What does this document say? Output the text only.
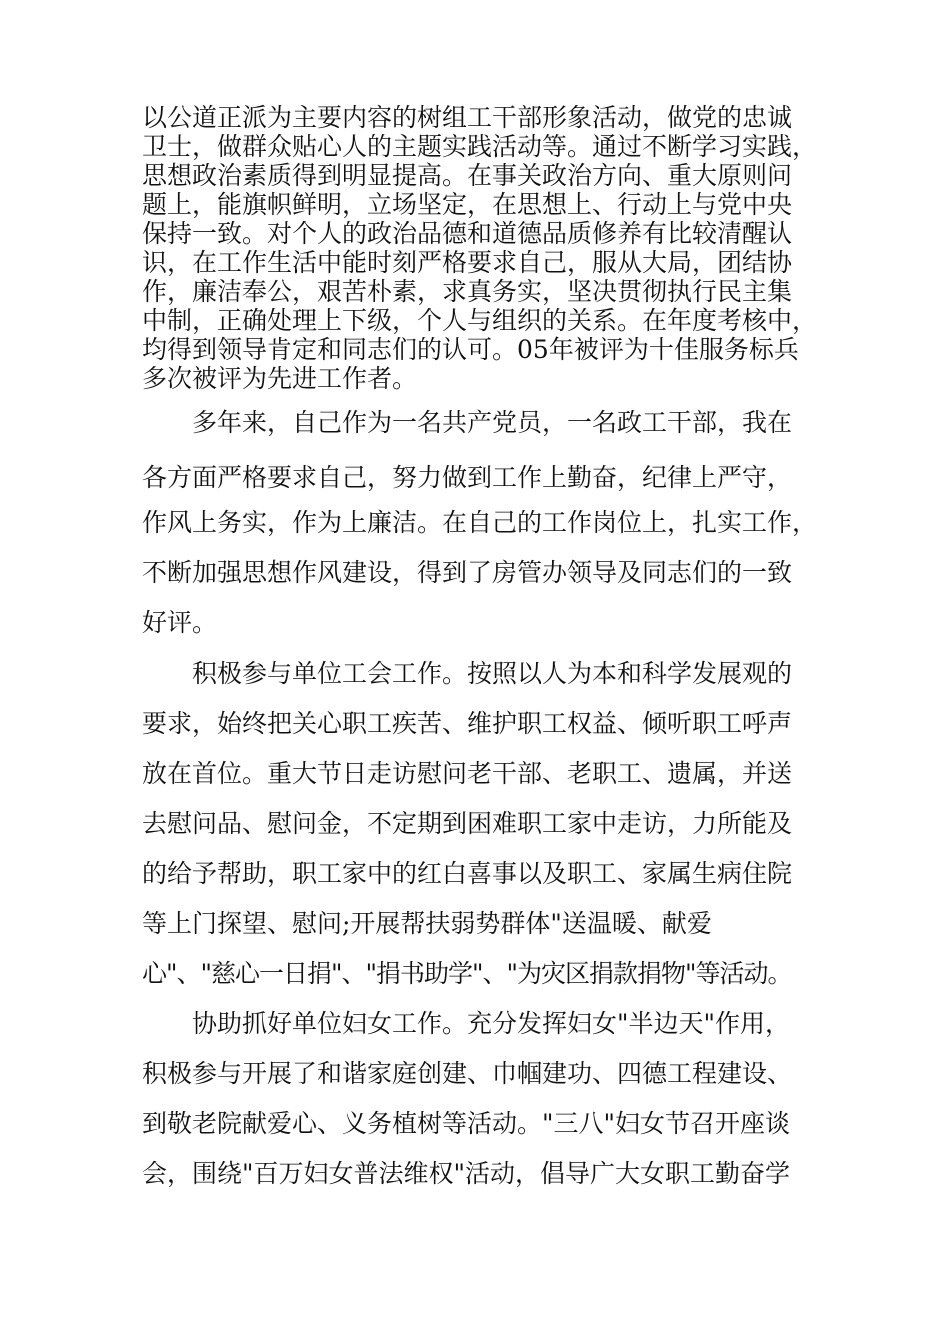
以公道正派为主要内容的树组工干部形象活动，做党的忠诚
卫士，做群众贴心人的主题实践活动等。通过不断学习实践，
思想政治素质得到明显提高。在事关政治方向、重大原则问
题上，能旗帜鲜明，立场坚定，在思想上、行动上与党中央
保持一致。对个人的政治品德和道德品质修养有比较清醒认
识，在工作生活中能时刻严格要求自己，服从大局，团结协
作，廉洁奉公，艰苦朴素，求真务实，坚决贯彻执行民主集
中制，正确处理上下级，个人与组织的关系。在年度考核中，
均得到领导肯定和同志们的认可。05年被评为十佳服务标兵
多次被评为先进工作者。
多年来，自己作为一名共产党员，一名政工干部，我在
各方面严格要求自己，努力做到工作上勤奋，纪律上严守，
作风上务实，作为上廉洁。在自己的工作岗位上，扎实工作，
不断加强思想作风建设，得到了房管办领导及同志们的一致
好评。
积极参与单位工会工作。按照以人为本和科学发展观的
要求，始终把关心职工疾苦、维护职工权益、倾听职工呼声
放在首位。重大节日走访慰问老干部、老职工、遗属，并送
去慰问品、慰问金，不定期到困难职工家中走访，力所能及
的给予帮助，职工家中的红白喜事以及职工、家属生病住院
等上门探望、慰问;开展帮扶弱势群体"送温暖、献爱
心"、"慈心一日捐"、"捐书助学"、"为灾区捐款捐物"等活动。
协助抓好单位妇女工作。充分发挥妇女"半边天"作用，
积极参与开展了和谐家庭创建、巾帼建功、四德工程建设、
到敬老院献爱心、义务植树等活动。"三八"妇女节召开座谈
会，围绕"百万妇女普法维权"活动，倡导广大女职工勤奋学
